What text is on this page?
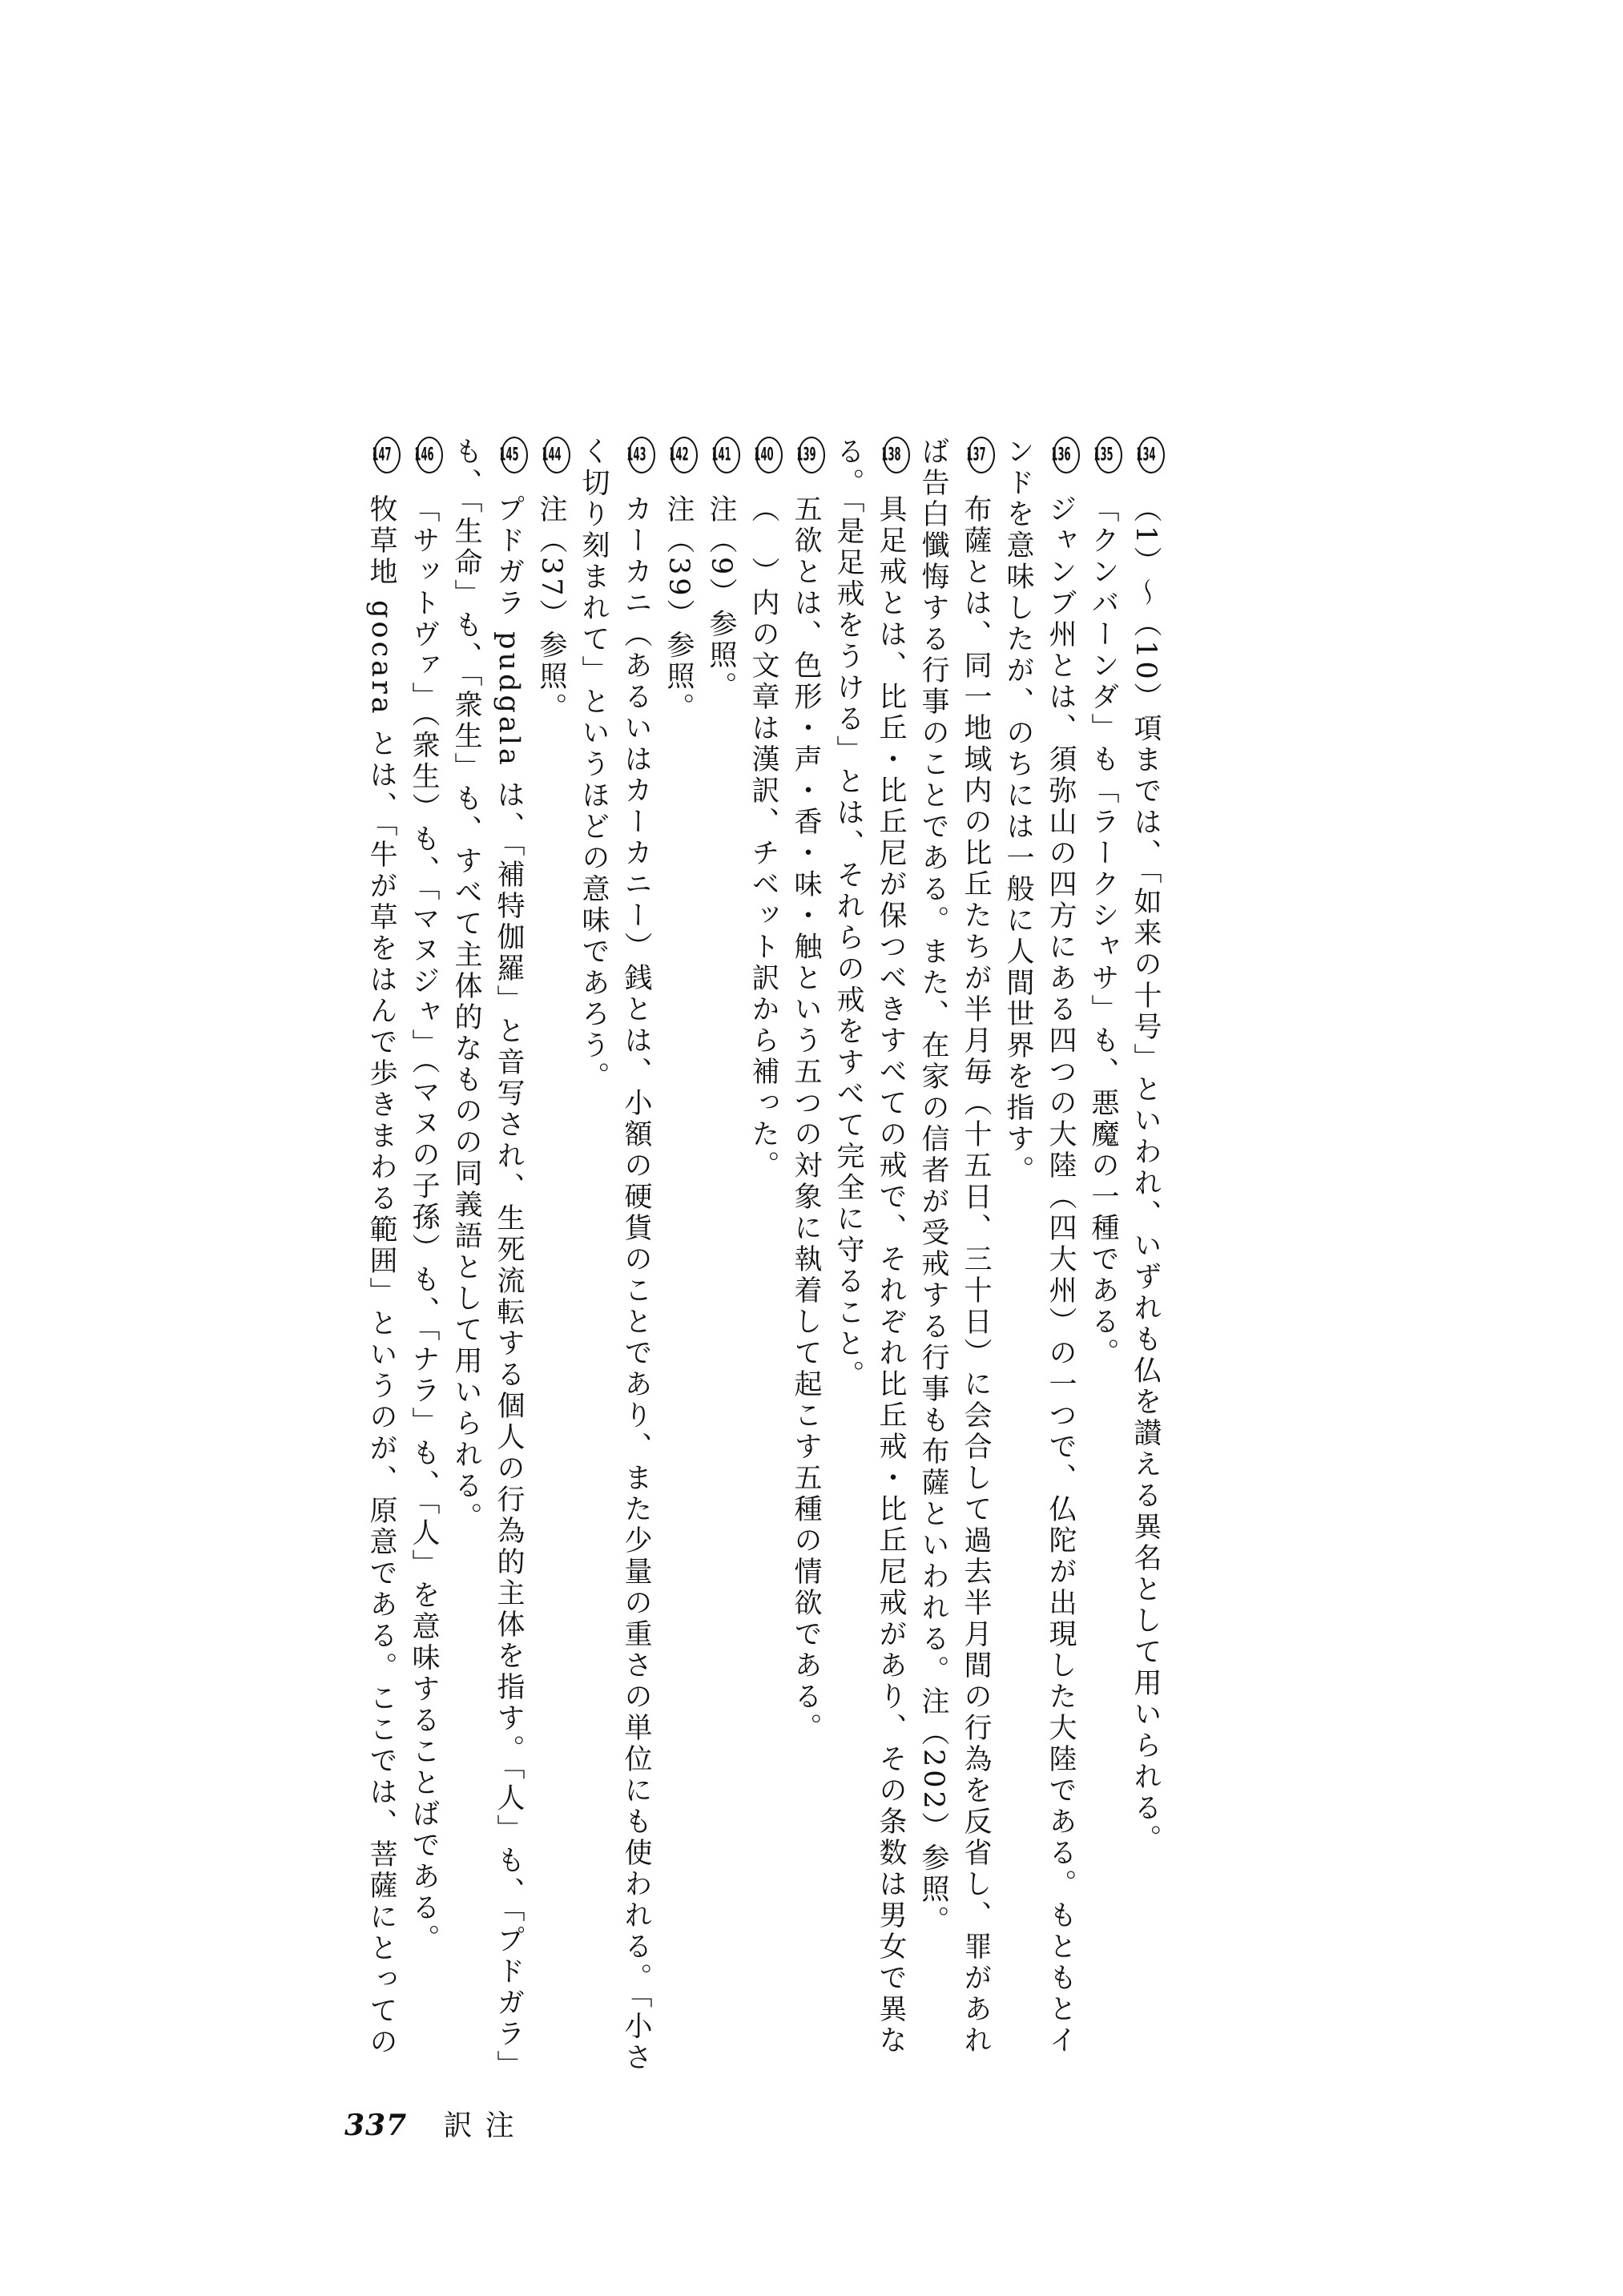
134（1）〜（10）項までは、「如来の十号」といわれ、いずれも仏を讃える異名として用いられる。

135「クンバーンダ」も「ラークシャサ」も、悪魔の一種である。

136ジャンブ州とは、須弥山の四方にある四つの大陸（四大州）の一つで、仏陀が出現した大陸である。もともとインドを意味したが、のちには一般に人間世界を指す。

137布薩とは、同一地域内の比丘たちが半月毎（十五日、三十日）に会合して過去半月間の行為を反省し、罪があれば告白懺悔する行事のことである。また、在家の信者が受戒する行事も布薩といわれる。注（202）参照。

138具足戒とは、比丘・比丘尼が保つべきすべての戒で、それぞれ比丘戒・比丘尼戒があり、その条数は男女で異なる。「是足戒をうける」とは、それらの戒をすべて完全に守ること。

139五欲とは、色形・声・香・味・触という五つの対象に執着して起こす五種の情欲である。

140（　）内の文章は漢訳、チベット訳から補った。

141注（9）参照。

142注（39）参照。

143カーカニ（あるいはカーカニー）銭とは、小額の硬貨のことであり、また少量の重さの単位にも使われる。「小さく切り刻まれて」というほどの意味であろう。

144注（37）参照。

145プドガラ pudgala は、「補特伽羅」と音写され、生死流転する個人の行為的主体を指す。「人」も、「プドガラ」も、「生命」も、「衆生」も、すべて主体的なものの同義語として用いられる。

146「サットヴァ」（衆生）も、「マヌジャ」（マヌの子孫）も、「ナラ」も、「人」を意味することばである。

147牧草地 gocara とは、「牛が草をはんで歩きまわる範囲」というのが、原意である。ここでは、菩薩にとっての

337 訳注
